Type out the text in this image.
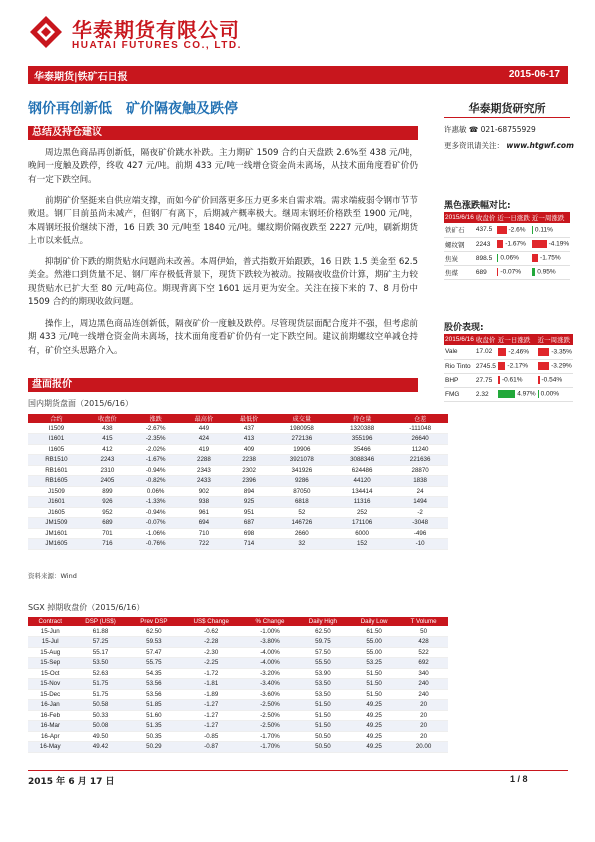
华泰期货有限公司
HUATAI FUTURES CO., LTD.
华泰期货|铁矿石日报	2015-06-17
钢价再创新低　矿价隔夜触及跌停
总结及持仓建议

周边黑色商品再创新低，隔夜矿价跳水补跌。主力期矿 1509 合约白天盘跌 2.6%至 438 元/吨，晚间一度触及跌停，终收 427 元/吨。前期 433 元/吨一线增仓资金尚未离场，从技术面角度看矿价仍有一定下跌空间。

前期矿价坚挺来自供应端支撑，而如今矿价回落更多压力更多来自需求端。需求端疲弱令钢市节节败退。钢厂目前虽尚未减产，但钢厂有离下，后期减产概率极大。继周末钢坯价格跌至 1900 元/吨，本周钢坯报价继续下滑，16 日跌 30 元/吨至 1840 元/吨。螺纹期价隔夜跌至 2227 元/吨，刷新期货上市以来低点。

抑制矿价下跌的期货贴水问题尚未改善。本周伊始，普式指数开始跟跌，16 日跌 1.5 美金至 62.5 美金。然港口到货量不足、钢厂库存极低背景下，现货下跌较为被动。按隔夜收盘价计算，期矿主力较现货贴水已扩大至 80 元/吨高位。期现背离下空 1601 远月更为安全。关注在接下来的 7、8 月份中 1509 合约的期现收敛问题。

操作上，周边黑色商品连创新低，隔夜矿价一度触及跌停。尽管现货层面配合度并不强，但考虑前期 433 元/吨一线增仓资金尚未离场，技术面角度看矿价仍有一定下跌空间。建议前期螺纹空单减仓持有，矿价空头思路介入。

华泰期货研究所
许惠敏 ☎ 021-68755929
更多资讯请关注： www.htgwf.com
黑色涨跌幅对比:
2015/6/16	收盘价	近一日涨跌	近一周涨跌
铁矿石	437.5	-2.6%	0.11%
螺纹钢	2243	-1.67%	-4.19%
焦炭	898.5	0.06%	-1.75%
焦煤	689	-0.07%	0.95%
股价表现:
2015/6/16	收盘价	近一日涨跌	近一周涨跌
Vale	17.02	-2.46%	-3.35%
Rio Tinto	2745.5	-2.17%	-3.29%
BHP	27.75	-0.61%	-0.54%
FMG	2.32	4.97%	0.00%
盘面报价
国内期货盘面（2015/6/16）
合约	收盘价	涨跌	最高价	最低价	成交量	持仓量	仓差
I1509	438	-2.67%	449	437	1980958	1320388	-111048
I1601	415	-2.35%	424	413	272136	355196	26640
I1605	412	-2.02%	419	409	19906	35466	11240
RB1510	2243	-1.67%	2288	2238	3921078	3088346	221636
RB1601	2310	-0.94%	2343	2302	341926	624486	28870
RB1605	2405	-0.82%	2433	2396	9286	44120	1838
J1509	899	0.06%	902	894	87050	134414	24
J1601	926	-1.33%	938	925	6818	11316	1494
J1605	952	-0.94%	961	951	52	252	-2
JM1509	689	-0.07%	694	687	146726	171106	-3048
JM1601	701	-1.06%	710	698	2660	6000	-496
JM1605	716	-0.76%	722	714	32	152	-10
资料来源：Wind
SGX 掉期收盘价（2015/6/16）
Contract	DSP (US$)	Prev DSP	US$ Change	% Change	Daily High	Daily Low	T Volume
15-Jun	61.88	62.50	-0.62	-1.00%	62.50	61.50	50
15-Jul	57.25	59.53	-2.28	-3.80%	59.75	55.00	428
15-Aug	55.17	57.47	-2.30	-4.00%	57.50	55.00	522
15-Sep	53.50	55.75	-2.25	-4.00%	55.50	53.25	692
15-Oct	52.63	54.35	-1.72	-3.20%	53.90	51.50	340
15-Nov	51.75	53.56	-1.81	-3.40%	53.50	51.50	240
15-Dec	51.75	53.56	-1.89	-3.60%	53.50	51.50	240
16-Jan	50.58	51.85	-1.27	-2.50%	51.50	49.25	20
16-Feb	50.33	51.60	-1.27	-2.50%	51.50	49.25	20
16-Mar	50.08	51.35	-1.27	-2.50%	51.50	49.25	20
16-Apr	49.50	50.35	-0.85	-1.70%	50.50	49.25	20
16-May	49.42	50.29	-0.87	-1.70%	50.50	49.25	20.00
2015 年 6 月 17 日	1 / 8
